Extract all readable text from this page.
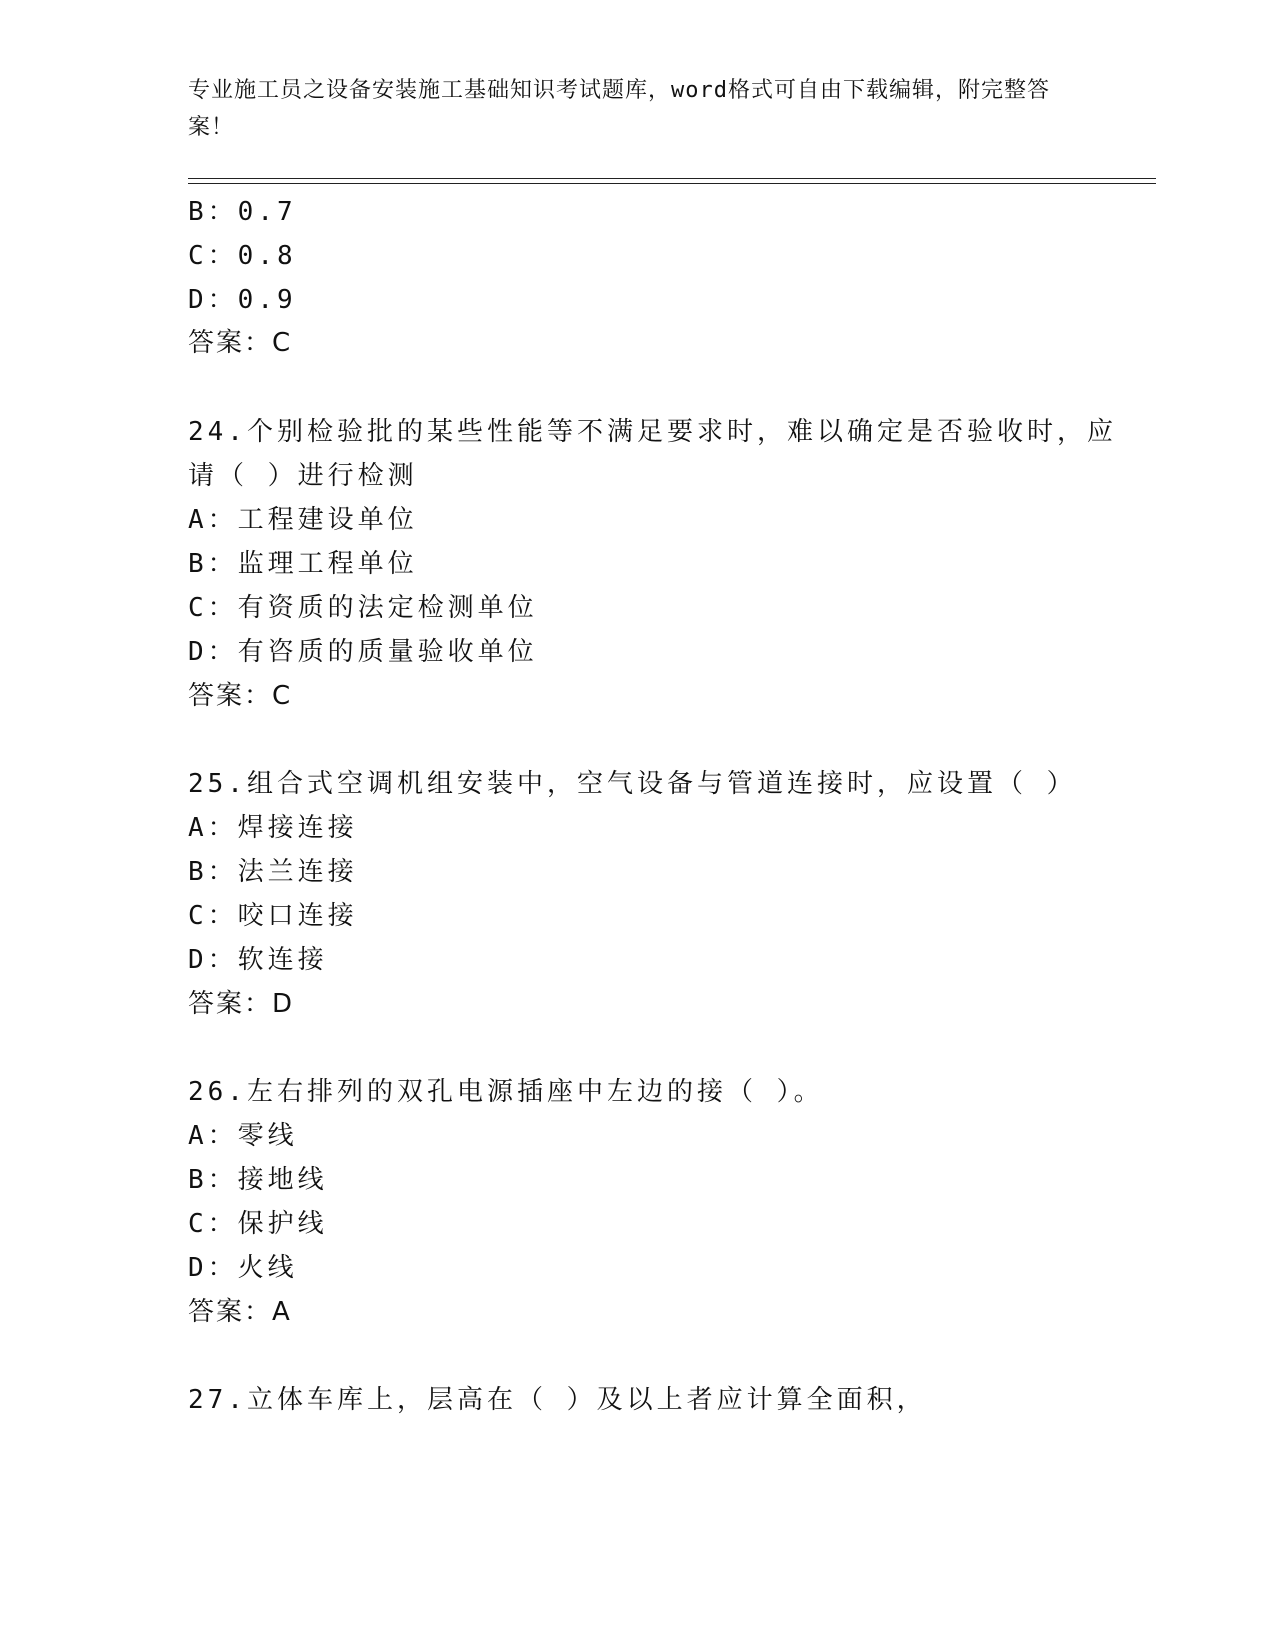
专业施工员之设备安装施工基础知识考试题库，word格式可自由下载编辑，附完整答案！
B：0.7
C：0.8
D：0.9
答案：C
24.个别检验批的某些性能等不满足要求时，难以确定是否验收时，应
请（ ）进行检测
A：工程建设单位
B：监理工程单位
C：有资质的法定检测单位
D：有咨质的质量验收单位
答案：C
25.组合式空调机组安装中，空气设备与管道连接时，应设置（ ）
A：焊接连接
B：法兰连接
C：咬口连接
D：软连接
答案：D
26.左右排列的双孔电源插座中左边的接（ ）。
A：零线
B：接地线
C：保护线
D：火线
答案：A
27.立体车库上，层高在（ ）及以上者应计算全面积，
